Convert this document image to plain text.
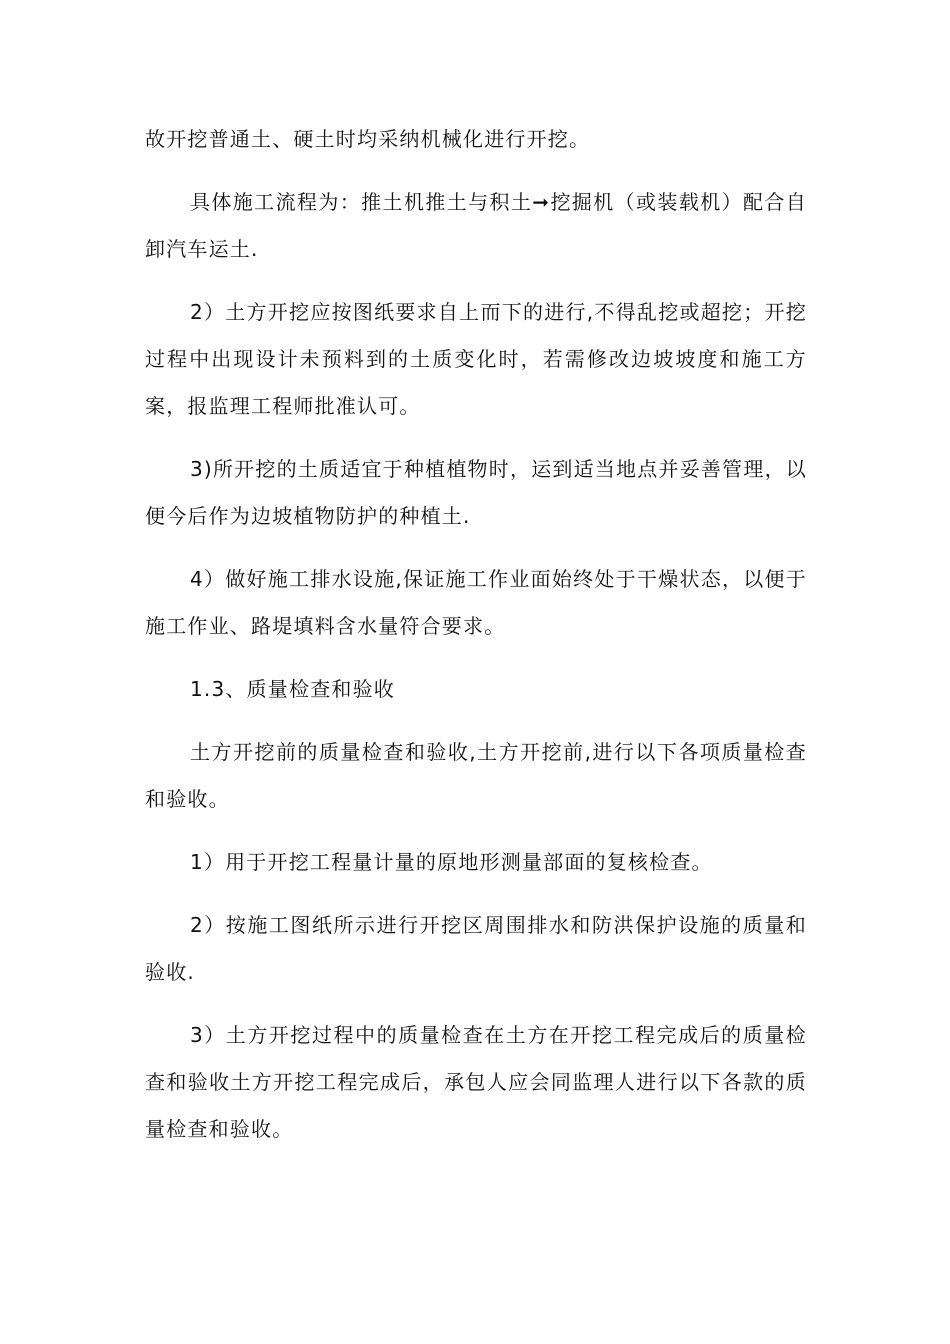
故开挖普通土、硬土时均采纳机械化进行开挖。

具体施工流程为：推土机推土与积土➞挖掘机（或装载机）配合自卸汽车运土.

2）土方开挖应按图纸要求自上而下的进行,不得乱挖或超挖；开挖过程中出现设计未预料到的土质变化时，若需修改边坡坡度和施工方案，报监理工程师批准认可。

3)所开挖的土质适宜于种植植物时，运到适当地点并妥善管理，以便今后作为边坡植物防护的种植土.

4）做好施工排水设施,保证施工作业面始终处于干燥状态，以便于施工作业、路堤填料含水量符合要求。

1.3、质量检查和验收

土方开挖前的质量检查和验收,土方开挖前,进行以下各项质量检查和验收。

1）用于开挖工程量计量的原地形测量部面的复核检查。

2）按施工图纸所示进行开挖区周围排水和防洪保护设施的质量和验收.

3）土方开挖过程中的质量检查在土方在开挖工程完成后的质量检查和验收土方开挖工程完成后，承包人应会同监理人进行以下各款的质量检查和验收。
